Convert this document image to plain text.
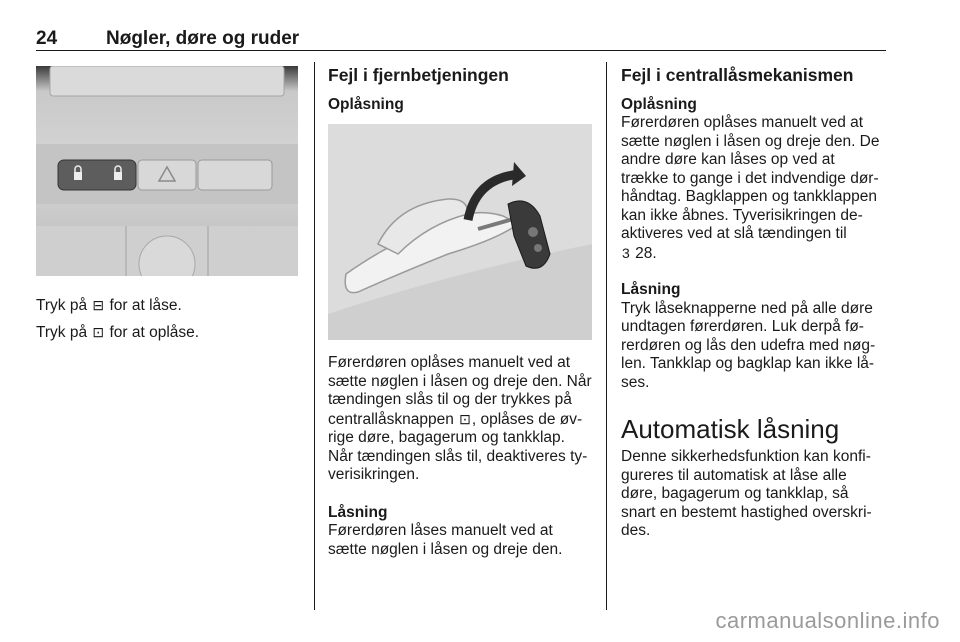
24	Nøgler, døre og ruder

Tryk på ⊟ for at låse.

Tryk på ⊡ for at oplåse.

Fejl i fjernbetjeningen

Oplåsning

Førerdøren oplåses manuelt ved at

sætte nøglen i låsen og dreje den. Når

tændingen slås til og der trykkes på

centrallåsknappen ⊡, oplåses de øv-

rige døre, bagagerum og tankklap.

Når tændingen slås til, deaktiveres ty-

verisikringen.

Låsning

Førerdøren låses manuelt ved at

sætte nøglen i låsen og dreje den.

Fejl i centrallåsmekanismen

Oplåsning

Førerdøren oplåses manuelt ved at

sætte nøglen i låsen og dreje den. De

andre døre kan låses op ved at

trække to gange i det indvendige dør-

håndtag. Bagklappen og tankklappen

kan ikke åbnes. Tyverisikringen de-

aktiveres ved at slå tændingen til

3 28.

Låsning

Tryk låseknapperne ned på alle døre

undtagen førerdøren. Luk derpå fø-

rerdøren og lås den udefra med nøg-

len. Tankklap og bagklap kan ikke lå-

ses.

Automatisk låsning

Denne sikkerhedsfunktion kan konfi-

gureres til automatisk at låse alle

døre, bagagerum og tankklap, så

snart en bestemt hastighed overskri-

des.

carmanualsonline.info
